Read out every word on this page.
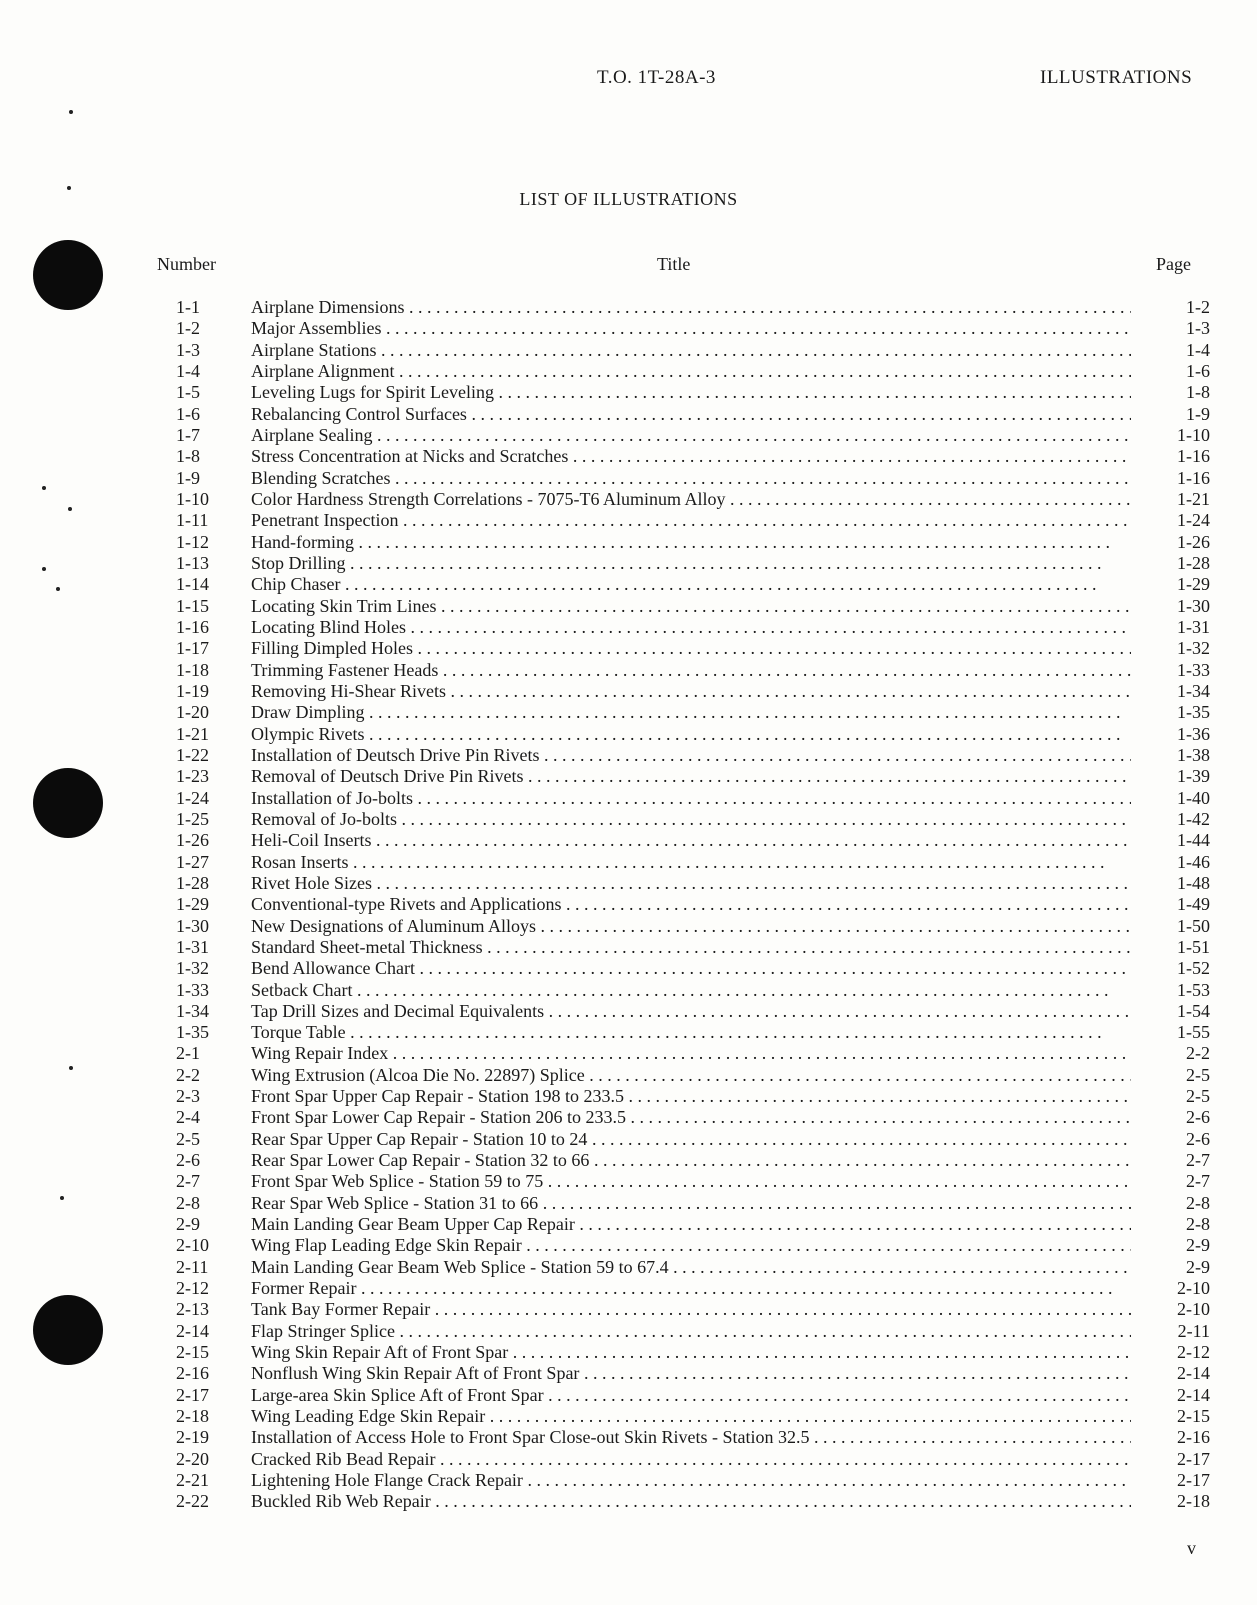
T.O. 1T-28A-3	ILLUSTRATIONS
LIST OF ILLUSTRATIONS
Number	Title	Page
1-1	Airplane Dimensions . . .	1-2
1-2	Major Assemblies . . .	1-3
1-3	Airplane Stations . . .	1-4
1-4	Airplane Alignment . . .	1-6
1-5	Leveling Lugs for Spirit Leveling . . .	1-8
1-6	Rebalancing Control Surfaces . . .	1-9
1-7	Airplane Sealing . . .	1-10
1-8	Stress Concentration at Nicks and Scratches . . .	1-16
1-9	Blending Scratches . . .	1-16
1-10	Color Hardness Strength Correlations - 7075-T6 Aluminum Alloy . . .	1-21
1-11	Penetrant Inspection . . .	1-24
1-12	Hand-forming . . .	1-26
1-13	Stop Drilling . . .	1-28
1-14	Chip Chaser . . .	1-29
1-15	Locating Skin Trim Lines . . .	1-30
1-16	Locating Blind Holes . . .	1-31
1-17	Filling Dimpled Holes . . .	1-32
1-18	Trimming Fastener Heads . . .	1-33
1-19	Removing Hi-Shear Rivets . . .	1-34
1-20	Draw Dimpling . . .	1-35
1-21	Olympic Rivets . . .	1-36
1-22	Installation of Deutsch Drive Pin Rivets . . .	1-38
1-23	Removal of Deutsch Drive Pin Rivets . . .	1-39
1-24	Installation of Jo-bolts . . .	1-40
1-25	Removal of Jo-bolts . . .	1-42
1-26	Heli-Coil Inserts . . .	1-44
1-27	Rosan Inserts . . .	1-46
1-28	Rivet Hole Sizes . . .	1-48
1-29	Conventional-type Rivets and Applications . . .	1-49
1-30	New Designations of Aluminum Alloys . . .	1-50
1-31	Standard Sheet-metal Thickness . . .	1-51
1-32	Bend Allowance Chart . . .	1-52
1-33	Setback Chart . . .	1-53
1-34	Tap Drill Sizes and Decimal Equivalents . . .	1-54
1-35	Torque Table . . .	1-55
2-1	Wing Repair Index . . .	2-2
2-2	Wing Extrusion (Alcoa Die No. 22897) Splice . . .	2-5
2-3	Front Spar Upper Cap Repair - Station 198 to 233.5 . . .	2-5
2-4	Front Spar Lower Cap Repair - Station 206 to 233.5 . . .	2-6
2-5	Rear Spar Upper Cap Repair - Station 10 to 24 . . .	2-6
2-6	Rear Spar Lower Cap Repair - Station 32 to 66 . . .	2-7
2-7	Front Spar Web Splice - Station 59 to 75 . . .	2-7
2-8	Rear Spar Web Splice - Station 31 to 66 . . .	2-8
2-9	Main Landing Gear Beam Upper Cap Repair . . .	2-8
2-10	Wing Flap Leading Edge Skin Repair . . .	2-9
2-11	Main Landing Gear Beam Web Splice - Station 59 to 67.4 . . .	2-9
2-12	Former Repair . . .	2-10
2-13	Tank Bay Former Repair . . .	2-10
2-14	Flap Stringer Splice . . .	2-11
2-15	Wing Skin Repair Aft of Front Spar . . .	2-12
2-16	Nonflush Wing Skin Repair Aft of Front Spar . . .	2-14
2-17	Large-area Skin Splice Aft of Front Spar . . .	2-14
2-18	Wing Leading Edge Skin Repair . . .	2-15
2-19	Installation of Access Hole to Front Spar Close-out Skin Rivets - Station 32.5 . . .	2-16
2-20	Cracked Rib Bead Repair . . .	2-17
2-21	Lightening Hole Flange Crack Repair . . .	2-17
2-22	Buckled Rib Web Repair . . .	2-18
v
